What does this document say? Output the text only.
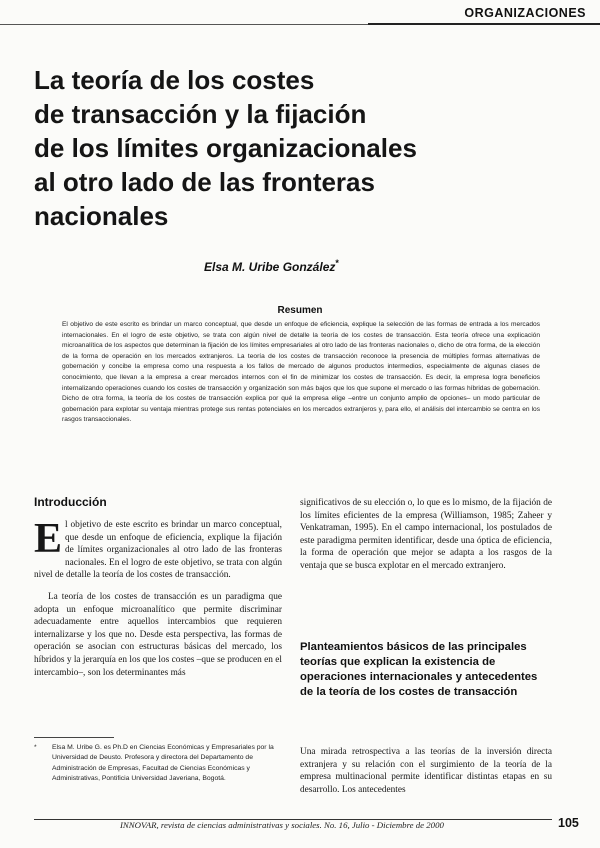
ORGANIZACIONES
La teoría de los costes
de transacción y la fijación
de los límites organizacionales
al otro lado de las fronteras
nacionales
Elsa M. Uribe González*
Resumen
El objetivo de este escrito es brindar un marco conceptual, que desde un enfoque de eficiencia, explique la selección de las formas de entrada a los mercados internacionales. En el logro de este objetivo, se trata con algún nivel de detalle la teoría de los costes de transacción. Esta teoría ofrece una explicación microanalítica de los aspectos que determinan la fijación de los límites empresariales al otro lado de las fronteras nacionales o, dicho de otra forma, de la elección de la forma de operación en los mercados extranjeros. La teoría de los costes de transacción reconoce la presencia de múltiples formas alternativas de gobernación y concibe la empresa como una respuesta a los fallos de mercado de algunos productos intermedios, especialmente de algunas clases de conocimiento, que llevan a la empresa a crear mercados internos con el fin de minimizar los costes de transacción. Es decir, la empresa logra beneficios internalizando operaciones cuando los costes de transacción y organización son más bajos que los que supone el mercado o las formas híbridas de gobernación. Dicho de otra forma, la teoría de los costes de transacción explica por qué la empresa elige –entre un conjunto amplio de opciones– un modo particular de gobernación para explotar su ventaja mientras protege sus rentas potenciales en los mercados extranjeros y, para ello, el análisis del intercambio se centra en los rasgos transaccionales.
Introducción

El objetivo de este escrito es brindar un marco conceptual, que desde un enfoque de eficiencia, explique la fijación de límites organizacionales al otro lado de las fronteras nacionales. En el logro de este objetivo, se trata con algún nivel de detalle la teoría de los costes de transacción.

La teoría de los costes de transacción es un paradigma que adopta un enfoque microanalítico que permite discriminar adecuadamente entre aquellos intercambios que requieren internalizarse y los que no. Desde esta perspectiva, las formas de operación se asocian con estructuras básicas del mercado, los híbridos y la jerarquía en los que los costes –que se producen en el intercambio–, son los determinantes más

significativos de su elección o, lo que es lo mismo, de la fijación de los límites eficientes de la empresa (Williamson, 1985; Zaheer y Venkatraman, 1995). En el campo internacional, los postulados de este paradigma permiten identificar, desde una óptica de eficiencia, la forma de operación que mejor se adapta a los rasgos de la ventaja que se busca explotar en el mercado extranjero.

Planteamientos básicos de las principales teorías que explican la existencia de operaciones internacionales y antecedentes de la teoría de los costes de transacción

Una mirada retrospectiva a las teorías de la inversión directa extranjera y su relación con el surgimiento de la teoría de la empresa multinacional permite identificar distintas etapas en su desarrollo. Los antecedentes

* Elsa M. Uribe G. es Ph.D en Ciencias Económicas y Empresariales por la Universidad de Deusto. Profesora y directora del Departamento de Administración de Empresas, Facultad de Ciencias Económicas y Administrativas, Pontificia Universidad Javeriana, Bogotá.
INNOVAR, revista de ciencias administrativas y sociales. No. 16, Julio - Diciembre de 2000	105
